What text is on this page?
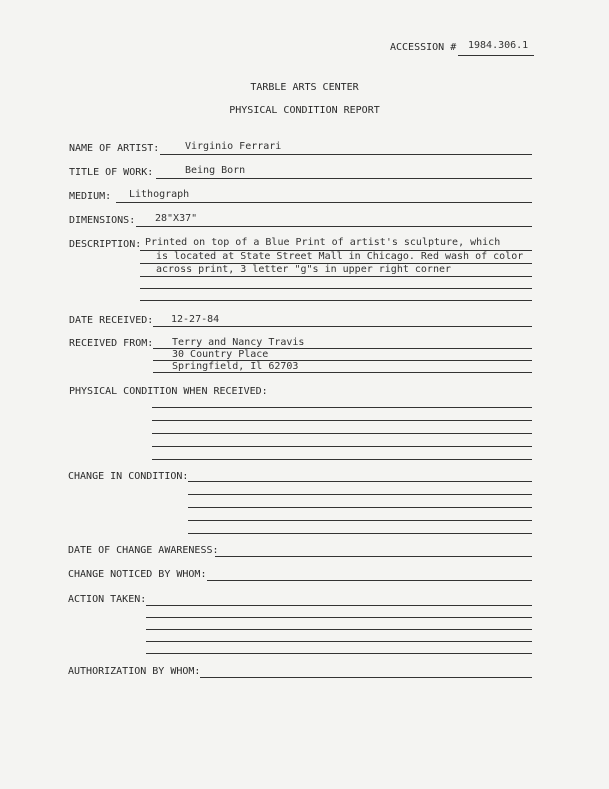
ACCESSION # 1984.306.1
TARBLE ARTS CENTER
PHYSICAL CONDITION REPORT
NAME OF ARTIST:	Virginio Ferrari
TITLE OF WORK:	Being Born
MEDIUM: Lithograph
DIMENSIONS: 28"X37"
DESCRIPTION: Printed on top of a Blue Print of artist's sculpture, which
is located at State Street Mall in Chicago. Red wash of color
across print, 3 letter "g"s in upper right corner
DATE RECEIVED: 12-27-84
RECEIVED FROM: Terry and Nancy Travis
30 Country Place
Springfield, Il 62703
PHYSICAL CONDITION WHEN RECEIVED:
CHANGE IN CONDITION:
DATE OF CHANGE AWARENESS:
CHANGE NOTICED BY WHOM:
ACTION TAKEN:
AUTHORIZATION BY WHOM:
